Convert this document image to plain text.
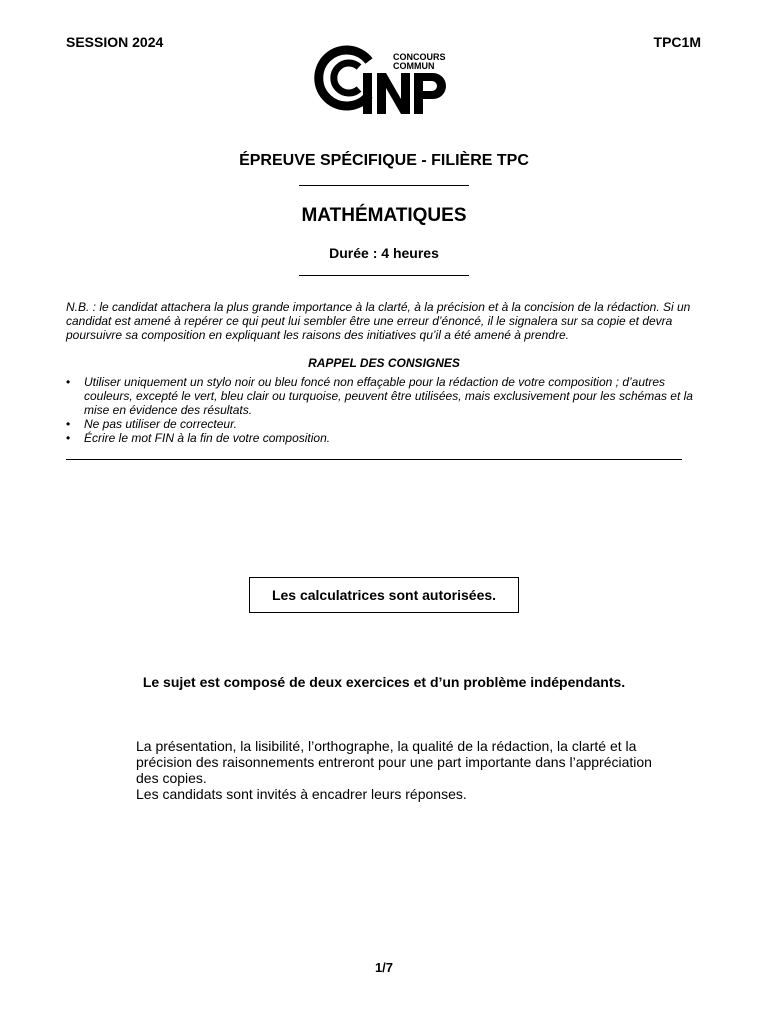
SESSION 2024	TPC1M
CONCOURS
COMMUN
ÉPREUVE SPÉCIFIQUE - FILIÈRE TPC
MATHÉMATIQUES
Durée : 4 heures
N.B. : le candidat attachera la plus grande importance à la clarté, à la précision et à la concision de la rédaction. Si un candidat est amené à repérer ce qui peut lui sembler être une erreur d’énoncé, il le signalera sur sa copie et devra poursuivre sa composition en expliquant les raisons des initiatives qu’il a été amené à prendre.
RAPPEL DES CONSIGNES
• Utiliser uniquement un stylo noir ou bleu foncé non effaçable pour la rédaction de votre composition ; d’autres couleurs, excepté le vert, bleu clair ou turquoise, peuvent être utilisées, mais exclusivement pour les schémas et la mise en évidence des résultats.
• Ne pas utiliser de correcteur.
• Écrire le mot FIN à la fin de votre composition.
Les calculatrices sont autorisées.
Le sujet est composé de deux exercices et d’un problème indépendants.

La présentation, la lisibilité, l’orthographe, la qualité de la rédaction, la clarté et la précision des raisonnements entreront pour une part importante dans l’appréciation des copies.

Les candidats sont invités à encadrer leurs réponses.

1/7
